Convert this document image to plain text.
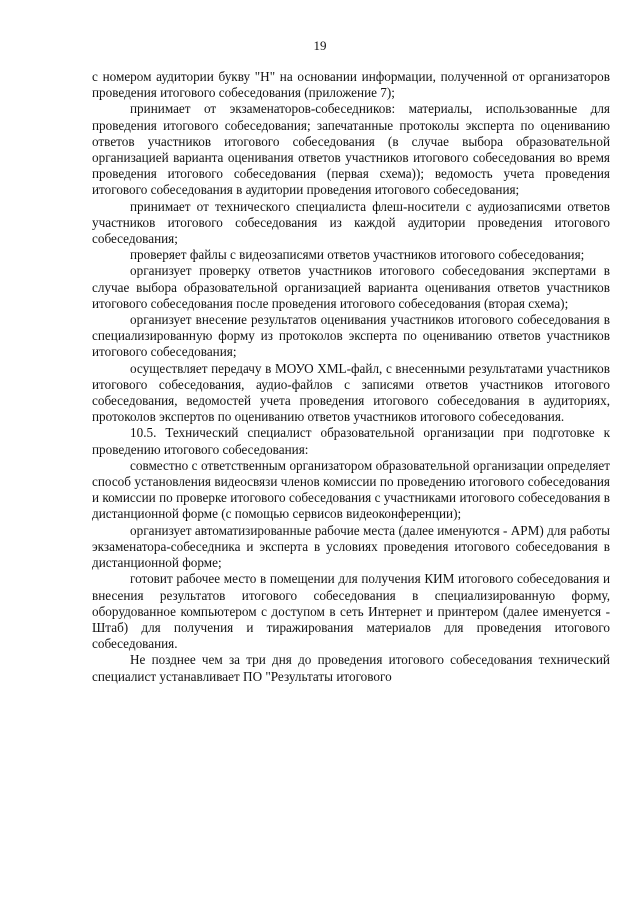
19

с номером аудитории букву "Н" на основании информации, полученной от организаторов проведения итогового собеседования (приложение 7);

принимает от экзаменаторов-собеседников: материалы, использованные для проведения итогового собеседования; запечатанные протоколы эксперта по оцениванию ответов участников итогового собеседования (в случае выбора образовательной организацией варианта оценивания ответов участников итогового собеседования во время проведения итогового собеседования (первая схема)); ведомость учета проведения итогового собеседования в аудитории проведения итогового собеседования;

принимает от технического специалиста флеш-носители с аудиозаписями ответов участников итогового собеседования из каждой аудитории проведения итогового собеседования;

проверяет файлы с видеозаписями ответов участников итогового собеседования;

организует проверку ответов участников итогового собеседования экспертами в случае выбора образовательной организацией варианта оценивания ответов участников итогового собеседования после проведения итогового собеседования (вторая схема);

организует внесение результатов оценивания участников итогового собеседования в специализированную форму из протоколов эксперта по оцениванию ответов участников итогового собеседования;

осуществляет передачу в МОУО XML-файл, с внесенными результатами участников итогового собеседования, аудио-файлов с записями ответов участников итогового собеседования, ведомостей учета проведения итогового собеседования в аудиториях, протоколов экспертов по оцениванию ответов участников итогового собеседования.

10.5. Технический специалист образовательной организации при подготовке к проведению итогового собеседования:

совместно с ответственным организатором образовательной организации определяет способ установления видеосвязи членов комиссии по проведению итогового собеседования и комиссии по проверке итогового собеседования с участниками итогового собеседования в дистанционной форме (с помощью сервисов видеоконференции);

организует автоматизированные рабочие места (далее именуются - АРМ) для работы экзаменатора-собеседника и эксперта в условиях проведения итогового собеседования в дистанционной форме;

готовит рабочее место в помещении для получения КИМ итогового собеседования и внесения результатов итогового собеседования в специализированную форму, оборудованное компьютером с доступом в сеть Интернет и принтером (далее именуется - Штаб) для получения и тиражирования материалов для проведения итогового собеседования.

Не позднее чем за три дня до проведения итогового собеседования технический специалист устанавливает ПО "Результаты итогового
